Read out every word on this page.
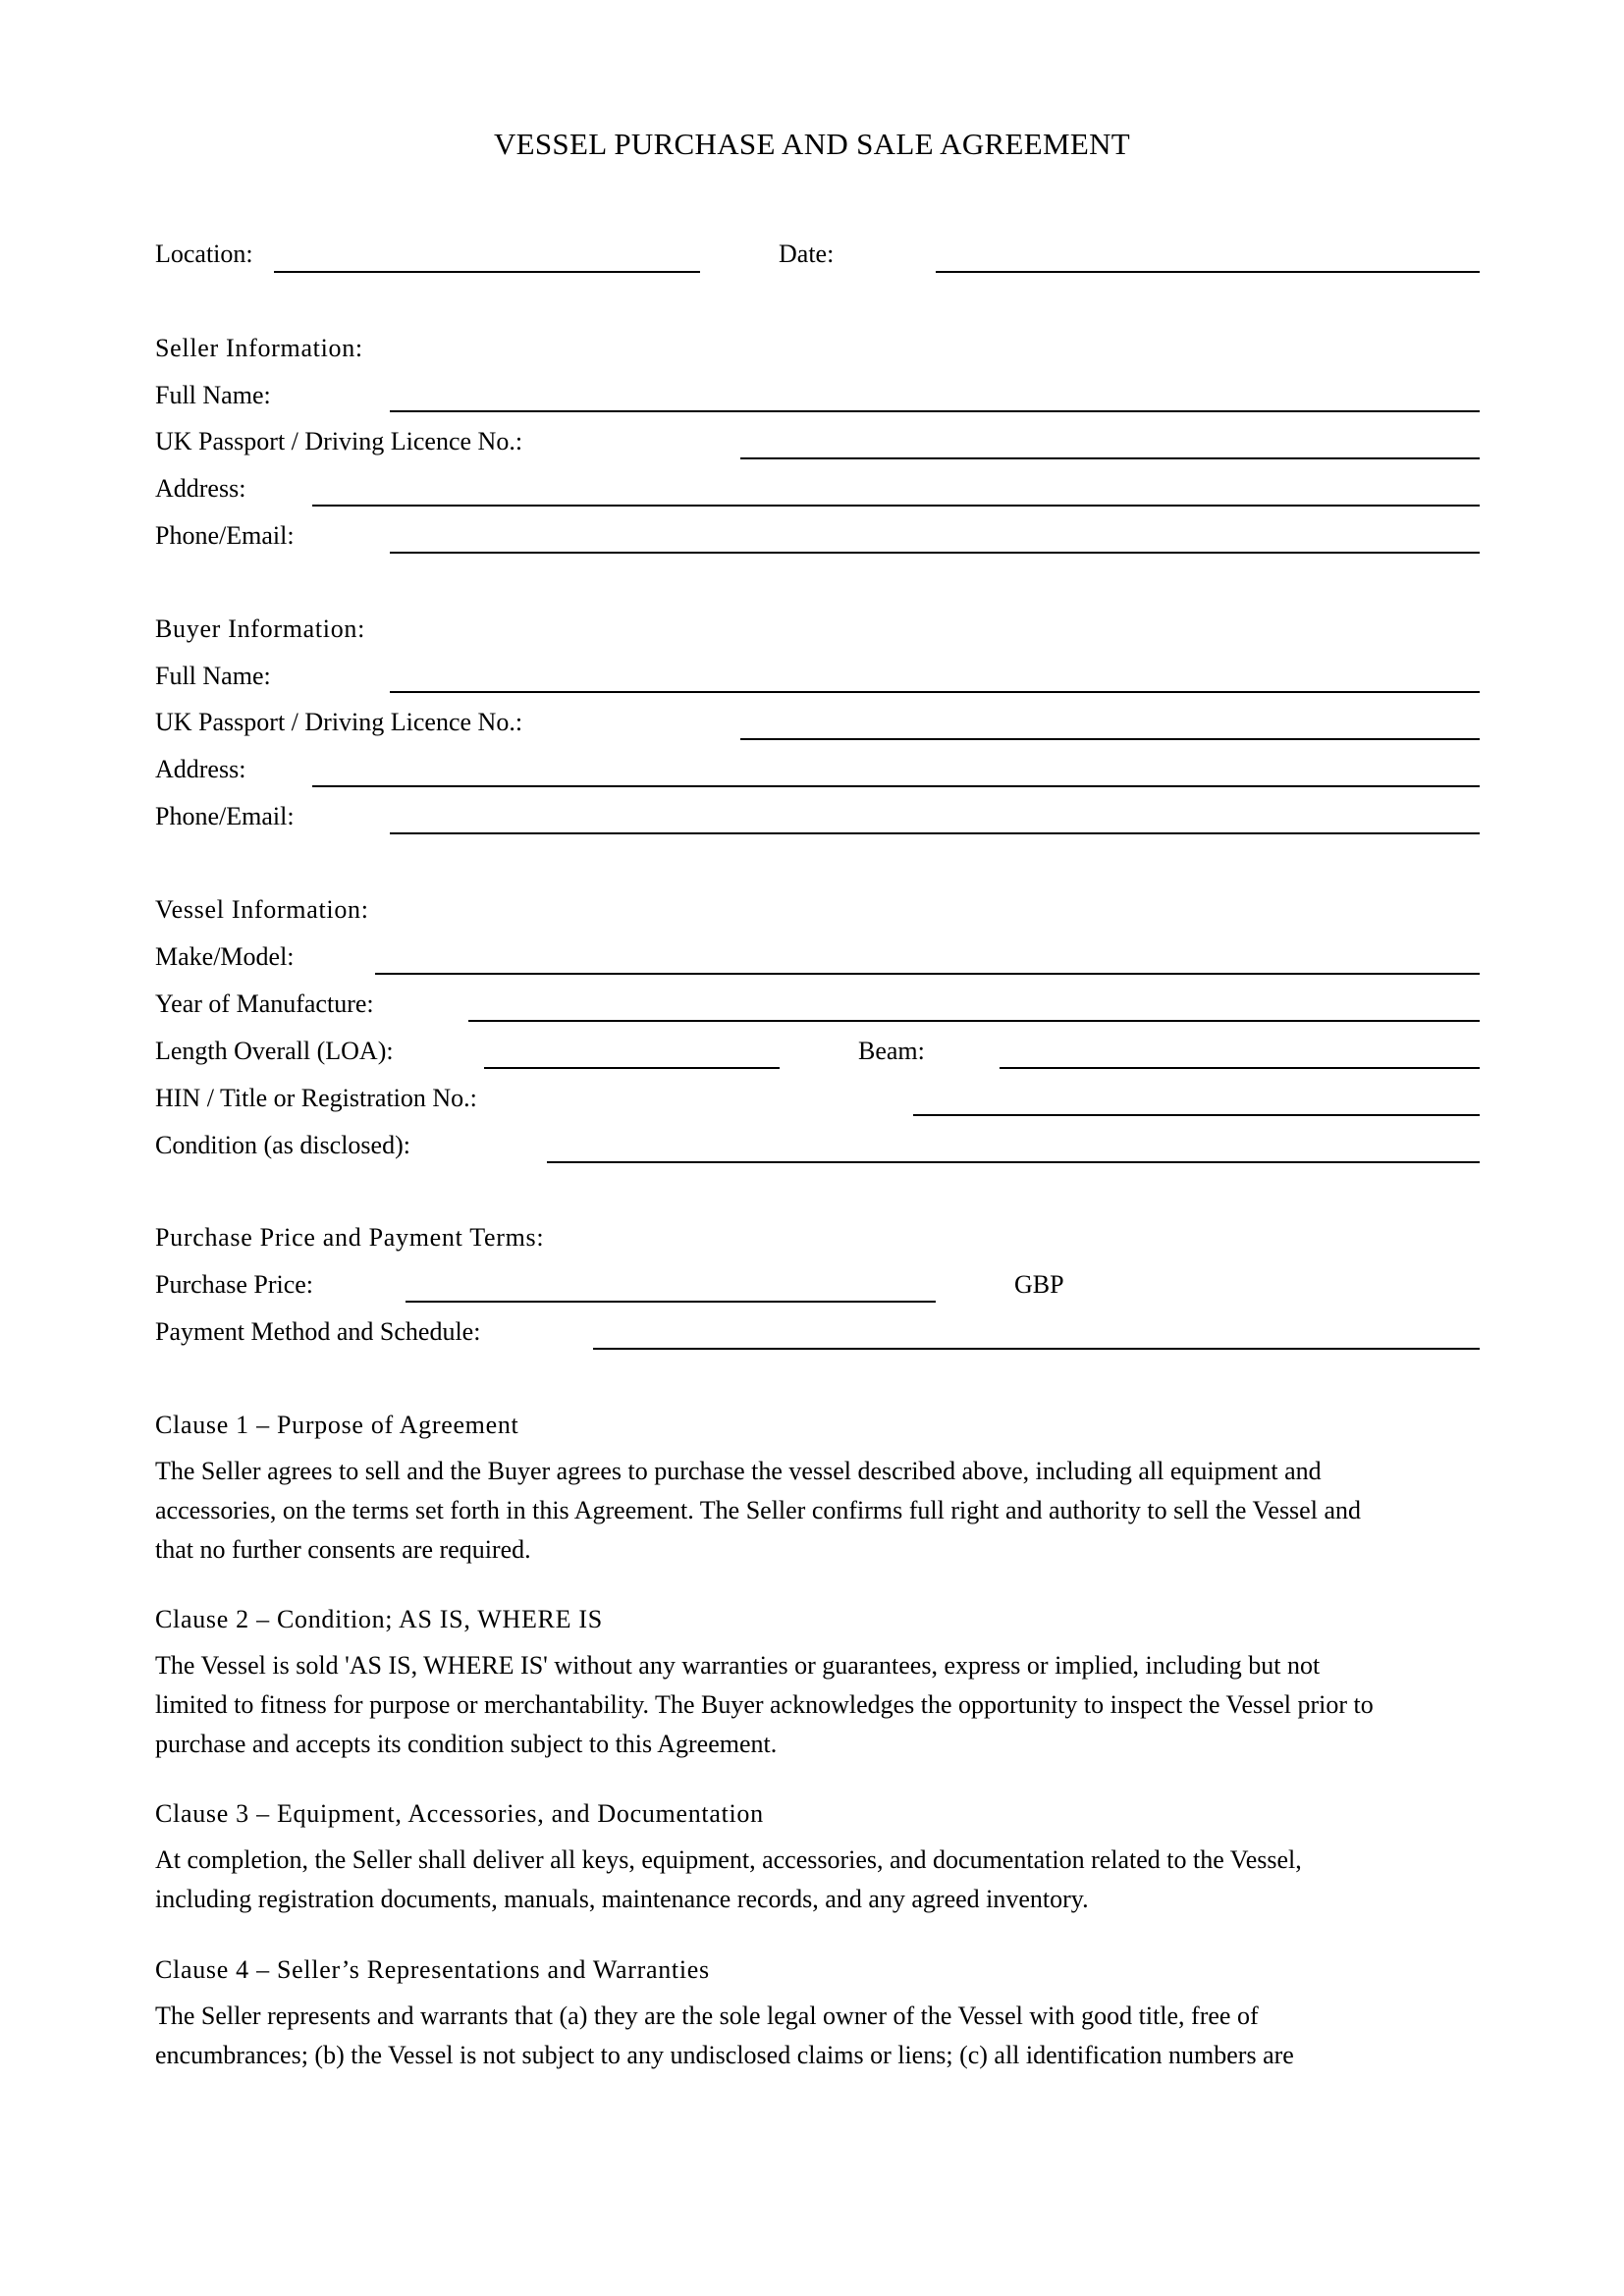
VESSEL PURCHASE AND SALE AGREEMENT
Location:	Date:
Seller Information:
Full Name:
UK Passport / Driving Licence No.:
Address:
Phone/Email:
Buyer Information:
Full Name:
UK Passport / Driving Licence No.:
Address:
Phone/Email:
Vessel Information:
Make/Model:
Year of Manufacture:
Length Overall (LOA):	Beam:
HIN / Title or Registration No.:
Condition (as disclosed):
Purchase Price and Payment Terms:
Purchase Price:	GBP
Payment Method and Schedule:
Clause 1 – Purpose of Agreement
The Seller agrees to sell and the Buyer agrees to purchase the vessel described above, including all equipment and
accessories, on the terms set forth in this Agreement. The Seller confirms full right and authority to sell the Vessel and
that no further consents are required.
Clause 2 – Condition; AS IS, WHERE IS
The Vessel is sold 'AS IS, WHERE IS' without any warranties or guarantees, express or implied, including but not
limited to fitness for purpose or merchantability. The Buyer acknowledges the opportunity to inspect the Vessel prior to
purchase and accepts its condition subject to this Agreement.
Clause 3 – Equipment, Accessories, and Documentation
At completion, the Seller shall deliver all keys, equipment, accessories, and documentation related to the Vessel,
including registration documents, manuals, maintenance records, and any agreed inventory.
Clause 4 – Seller’s Representations and Warranties
The Seller represents and warrants that (a) they are the sole legal owner of the Vessel with good title, free of
encumbrances; (b) the Vessel is not subject to any undisclosed claims or liens; (c) all identification numbers are
